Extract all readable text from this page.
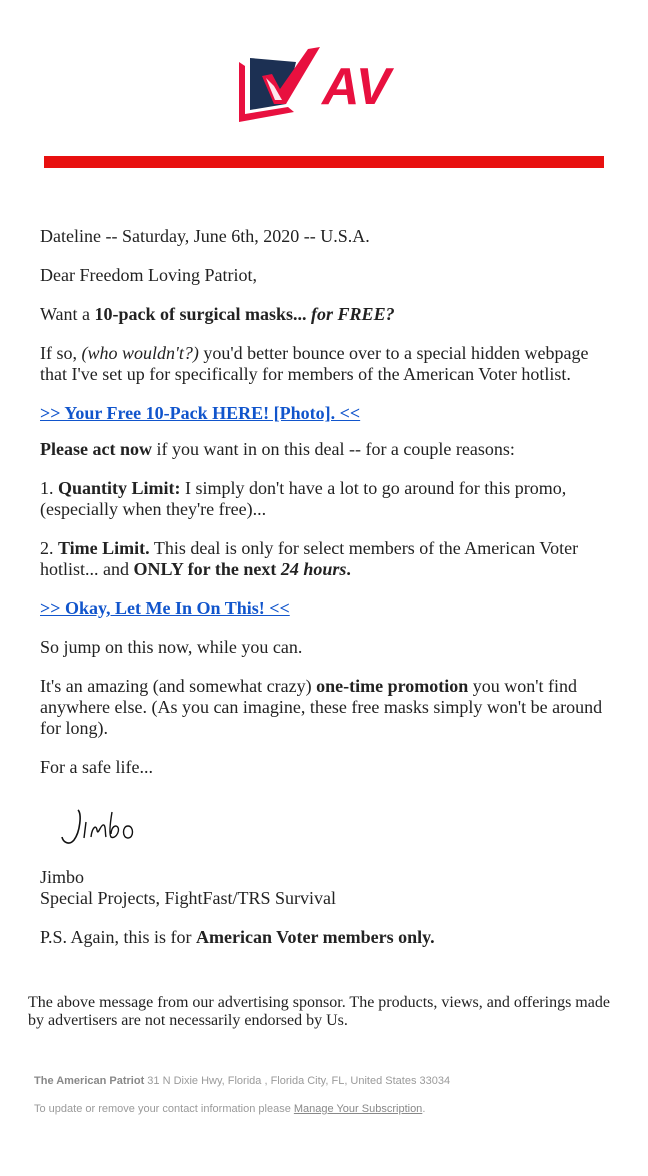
AV

Dateline -- Saturday, June 6th, 2020 -- U.S.A.

Dear Freedom Loving Patriot,

Want a 10-pack of surgical masks... for FREE?

If so, (who wouldn't?) you'd better bounce over to a special hidden webpage that I've set up for specifically for members of the American Voter hotlist.

>> Your Free 10-Pack HERE! [Photo]. <<

Please act now if you want in on this deal -- for a couple reasons:

1. Quantity Limit: I simply don't have a lot to go around for this promo, (especially when they're free)...

2. Time Limit. This deal is only for select members of the American Voter hotlist... and ONLY for the next 24 hours.

>> Okay, Let Me In On This! <<

So jump on this now, while you can.

It's an amazing (and somewhat crazy) one-time promotion you won't find anywhere else. (As you can imagine, these free masks simply won't be around for long).

For a safe life...

Jimbo
Special Projects, FightFast/TRS Survival

P.S. Again, this is for American Voter members only.

The above message from our advertising sponsor. The products, views, and offerings made by advertisers are not necessarily endorsed by Us.
The American Patriot 31 N Dixie Hwy, Florida , Florida City, FL, United States 33034
To update or remove your contact information please Manage Your Subscription.
